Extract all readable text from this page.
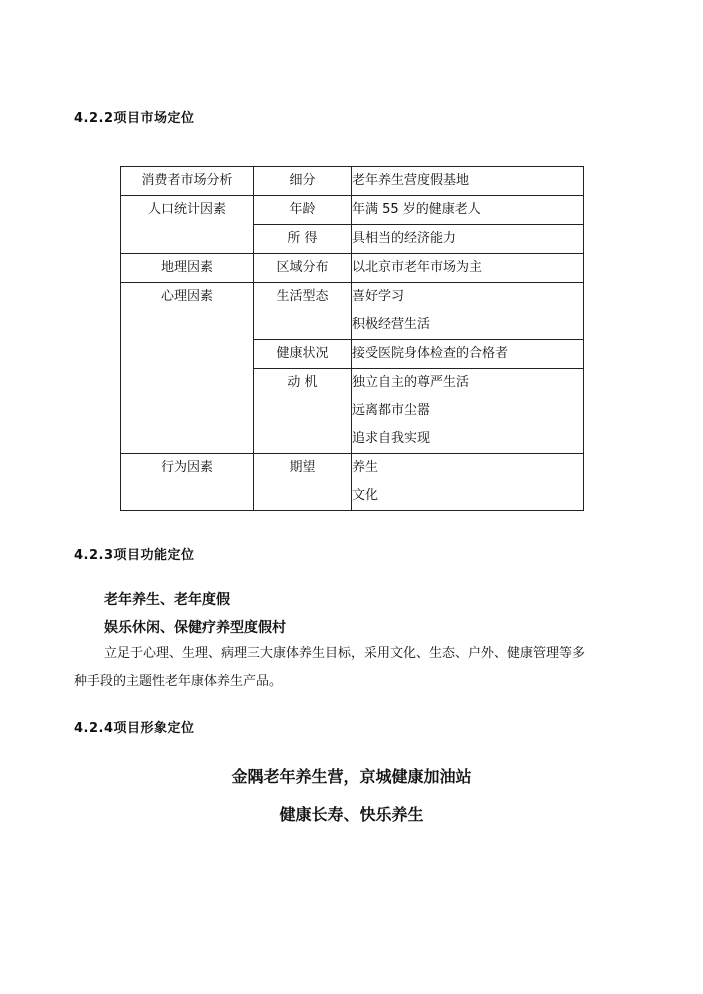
4.2.2项目市场定位
消费者市场分析	细分	老年养生营度假基地

人口统计因素	年龄	年满 55 岁的健康老人

	所 得	具相当的经济能力

地理因素	区域分布	以北京市老年市场为主

心理因素	生活型态	喜好学习
积极经营生活

	健康状况	接受医院身体检查的合格者

	动 机	独立自主的尊严生活
远离都市尘嚣
追求自我实现

行为因素	期望	养生
文化
4.2.3项目功能定位
老年养生、老年度假
娱乐休闲、保健疗养型度假村
立足于心理、生理、病理三大康体养生目标，采用文化、生态、户外、健康管理等多
种手段的主题性老年康体养生产品。
4.2.4项目形象定位
金隅老年养生营，京城健康加油站
健康长寿、快乐养生
